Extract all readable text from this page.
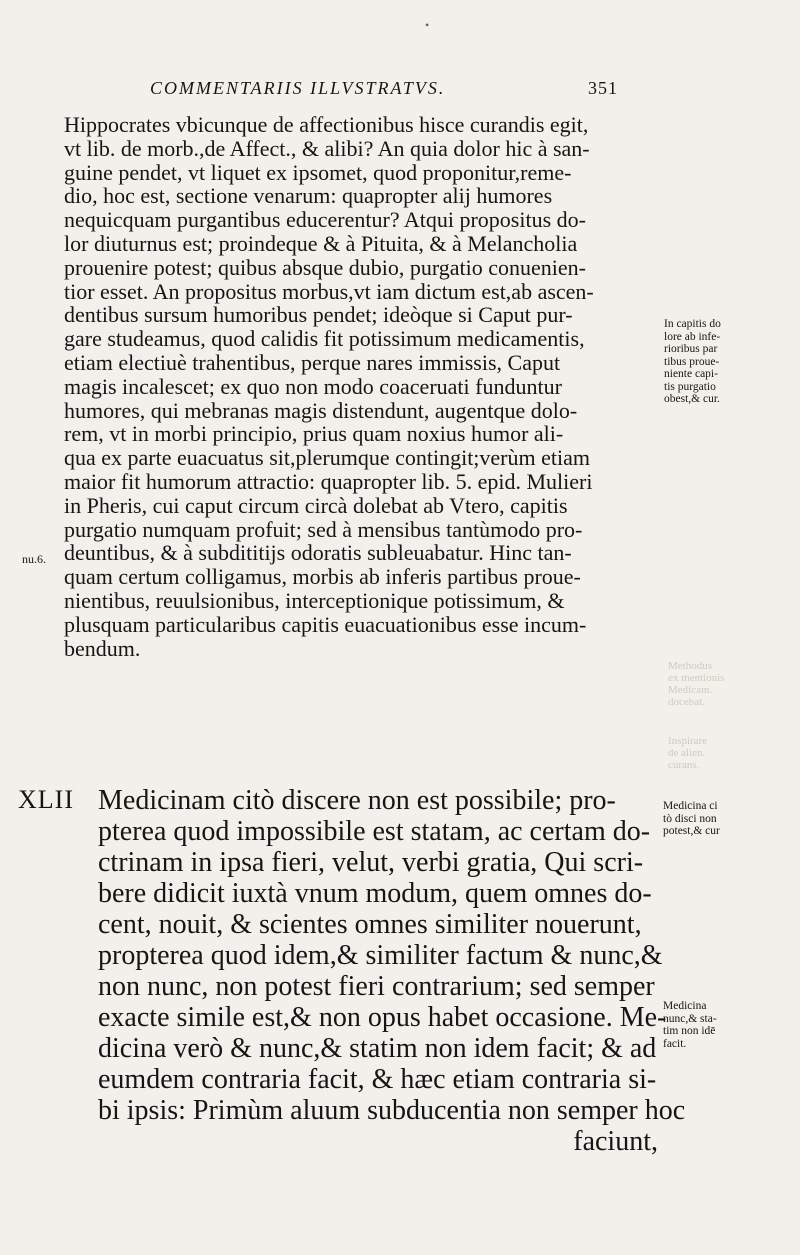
•
COMMENTARIIS ILLVSTRATVS.	351
Hippocrates vbicunque de affectionibus hisce curandis egit,
vt lib. de morb.,de Affect., & alibi? An quia dolor hic à san-
guine pendet, vt liquet ex ipsomet, quod proponitur,reme-
dio, hoc est, sectione venarum: quapropter alij humores
nequicquam purgantibus educerentur? Atqui propositus do-
lor diuturnus est; proindeque & à Pituita, & à Melancholia
prouenire potest; quibus absque dubio, purgatio conuenien-
tior esset. An propositus morbus,vt iam dictum est,ab ascen-
dentibus sursum humoribus pendet; ideòque si Caput pur-
gare studeamus, quod calidis fit potissimum medicamentis,
etiam electiuè trahentibus, perque nares immissis, Caput
magis incalescet; ex quo non modo coaceruati funduntur
humores, qui mebranas magis distendunt, augentque dolo-
rem, vt in morbi principio, prius quam noxius humor ali-
qua ex parte euacuatus sit,plerumque contingit;verùm etiam
maior fit humorum attractio: quapropter lib. 5. epid. Mulieri
in Pheris, cui caput circum circà dolebat ab Vtero, capitis
purgatio numquam profuit; sed à mensibus tantùmodo pro-
deuntibus, & à subdititijs odoratis subleuabatur. Hinc tan-
quam certum colligamus, morbis ab inferis partibus proue-
nientibus, reuulsionibus, interceptionique potissimum, &
plusquam particularibus capitis euacuationibus esse incum-
bendum.
In capitis do
lore ab infe-
rioribus par
tibus proue-
niente capi-
tis purgatio
obest,& cur.
nu.6.
Methodus
ex mentionis
Medicam.
docebat.
Inspirare
de alien.
curans.
XLII Medicinam citò discere non est possibile; pro-
pterea quod impossibile est statam, ac certam do-
ctrinam in ipsa fieri, velut, verbi gratia, Qui scri-
bere didicit iuxtà vnum modum, quem omnes do-
cent, nouit, & scientes omnes similiter nouerunt,
propterea quod idem,& similiter factum & nunc,&
non nunc, non potest fieri contrarium; sed semper
exacte simile est,& non opus habet occasione. Me-
dicina verò & nunc,& statim non idem facit; & ad
eumdem contraria facit, & hæc etiam contraria si-
bi ipsis: Primùm aluum subducentia non semper hoc
faciunt,
Medicina ci
tò disci non
potest,& cur
Medicina
nunc,& sta-
tim non idē
facit.
